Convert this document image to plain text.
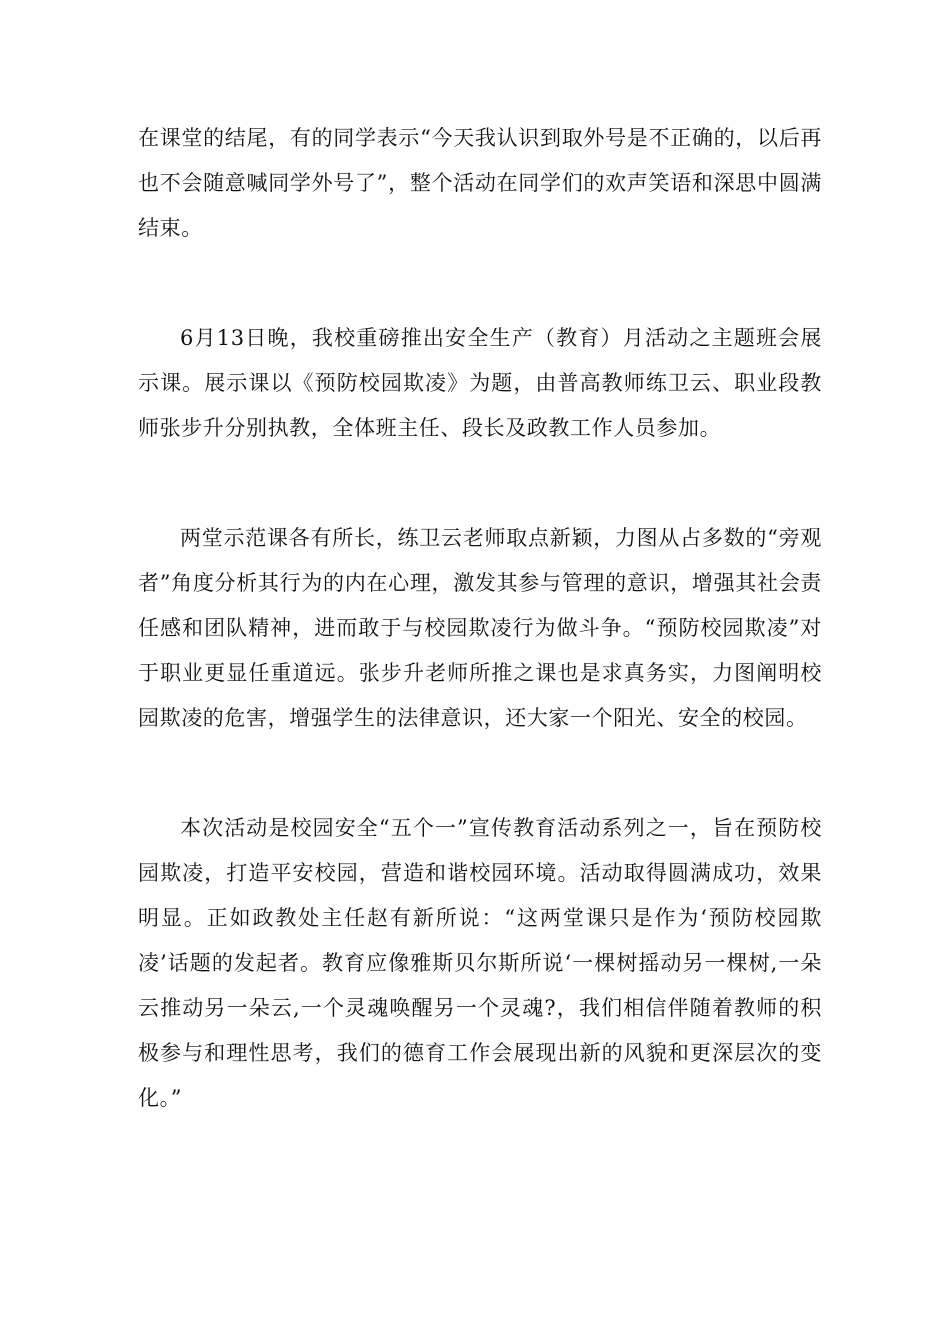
在课堂的结尾，有的同学表示“今天我认识到取外号是不正确的，以后再也不会随意喊同学外号了”，整个活动在同学们的欢声笑语和深思中圆满结束。

6月13日晚，我校重磅推出安全生产（教育）月活动之主题班会展示课。展示课以《预防校园欺凌》为题，由普高教师练卫云、职业段教师张步升分别执教，全体班主任、段长及政教工作人员参加。

两堂示范课各有所长，练卫云老师取点新颖，力图从占多数的“旁观者”角度分析其行为的内在心理，激发其参与管理的意识，增强其社会责任感和团队精神，进而敢于与校园欺凌行为做斗争。“预防校园欺凌”对于职业更显任重道远。张步升老师所推之课也是求真务实，力图阐明校园欺凌的危害，增强学生的法律意识，还大家一个阳光、安全的校园。

本次活动是校园安全“五个一”宣传教育活动系列之一，旨在预防校园欺凌，打造平安校园，营造和谐校园环境。活动取得圆满成功，效果明显。正如政教处主任赵有新所说：“这两堂课只是作为‘预防校园欺凌’话题的发起者。教育应像雅斯贝尔斯所说‘一棵树摇动另一棵树,一朵云推动另一朵云,一个灵魂唤醒另一个灵魂?，我们相信伴随着教师的积极参与和理性思考，我们的德育工作会展现出新的风貌和更深层次的变化。”
